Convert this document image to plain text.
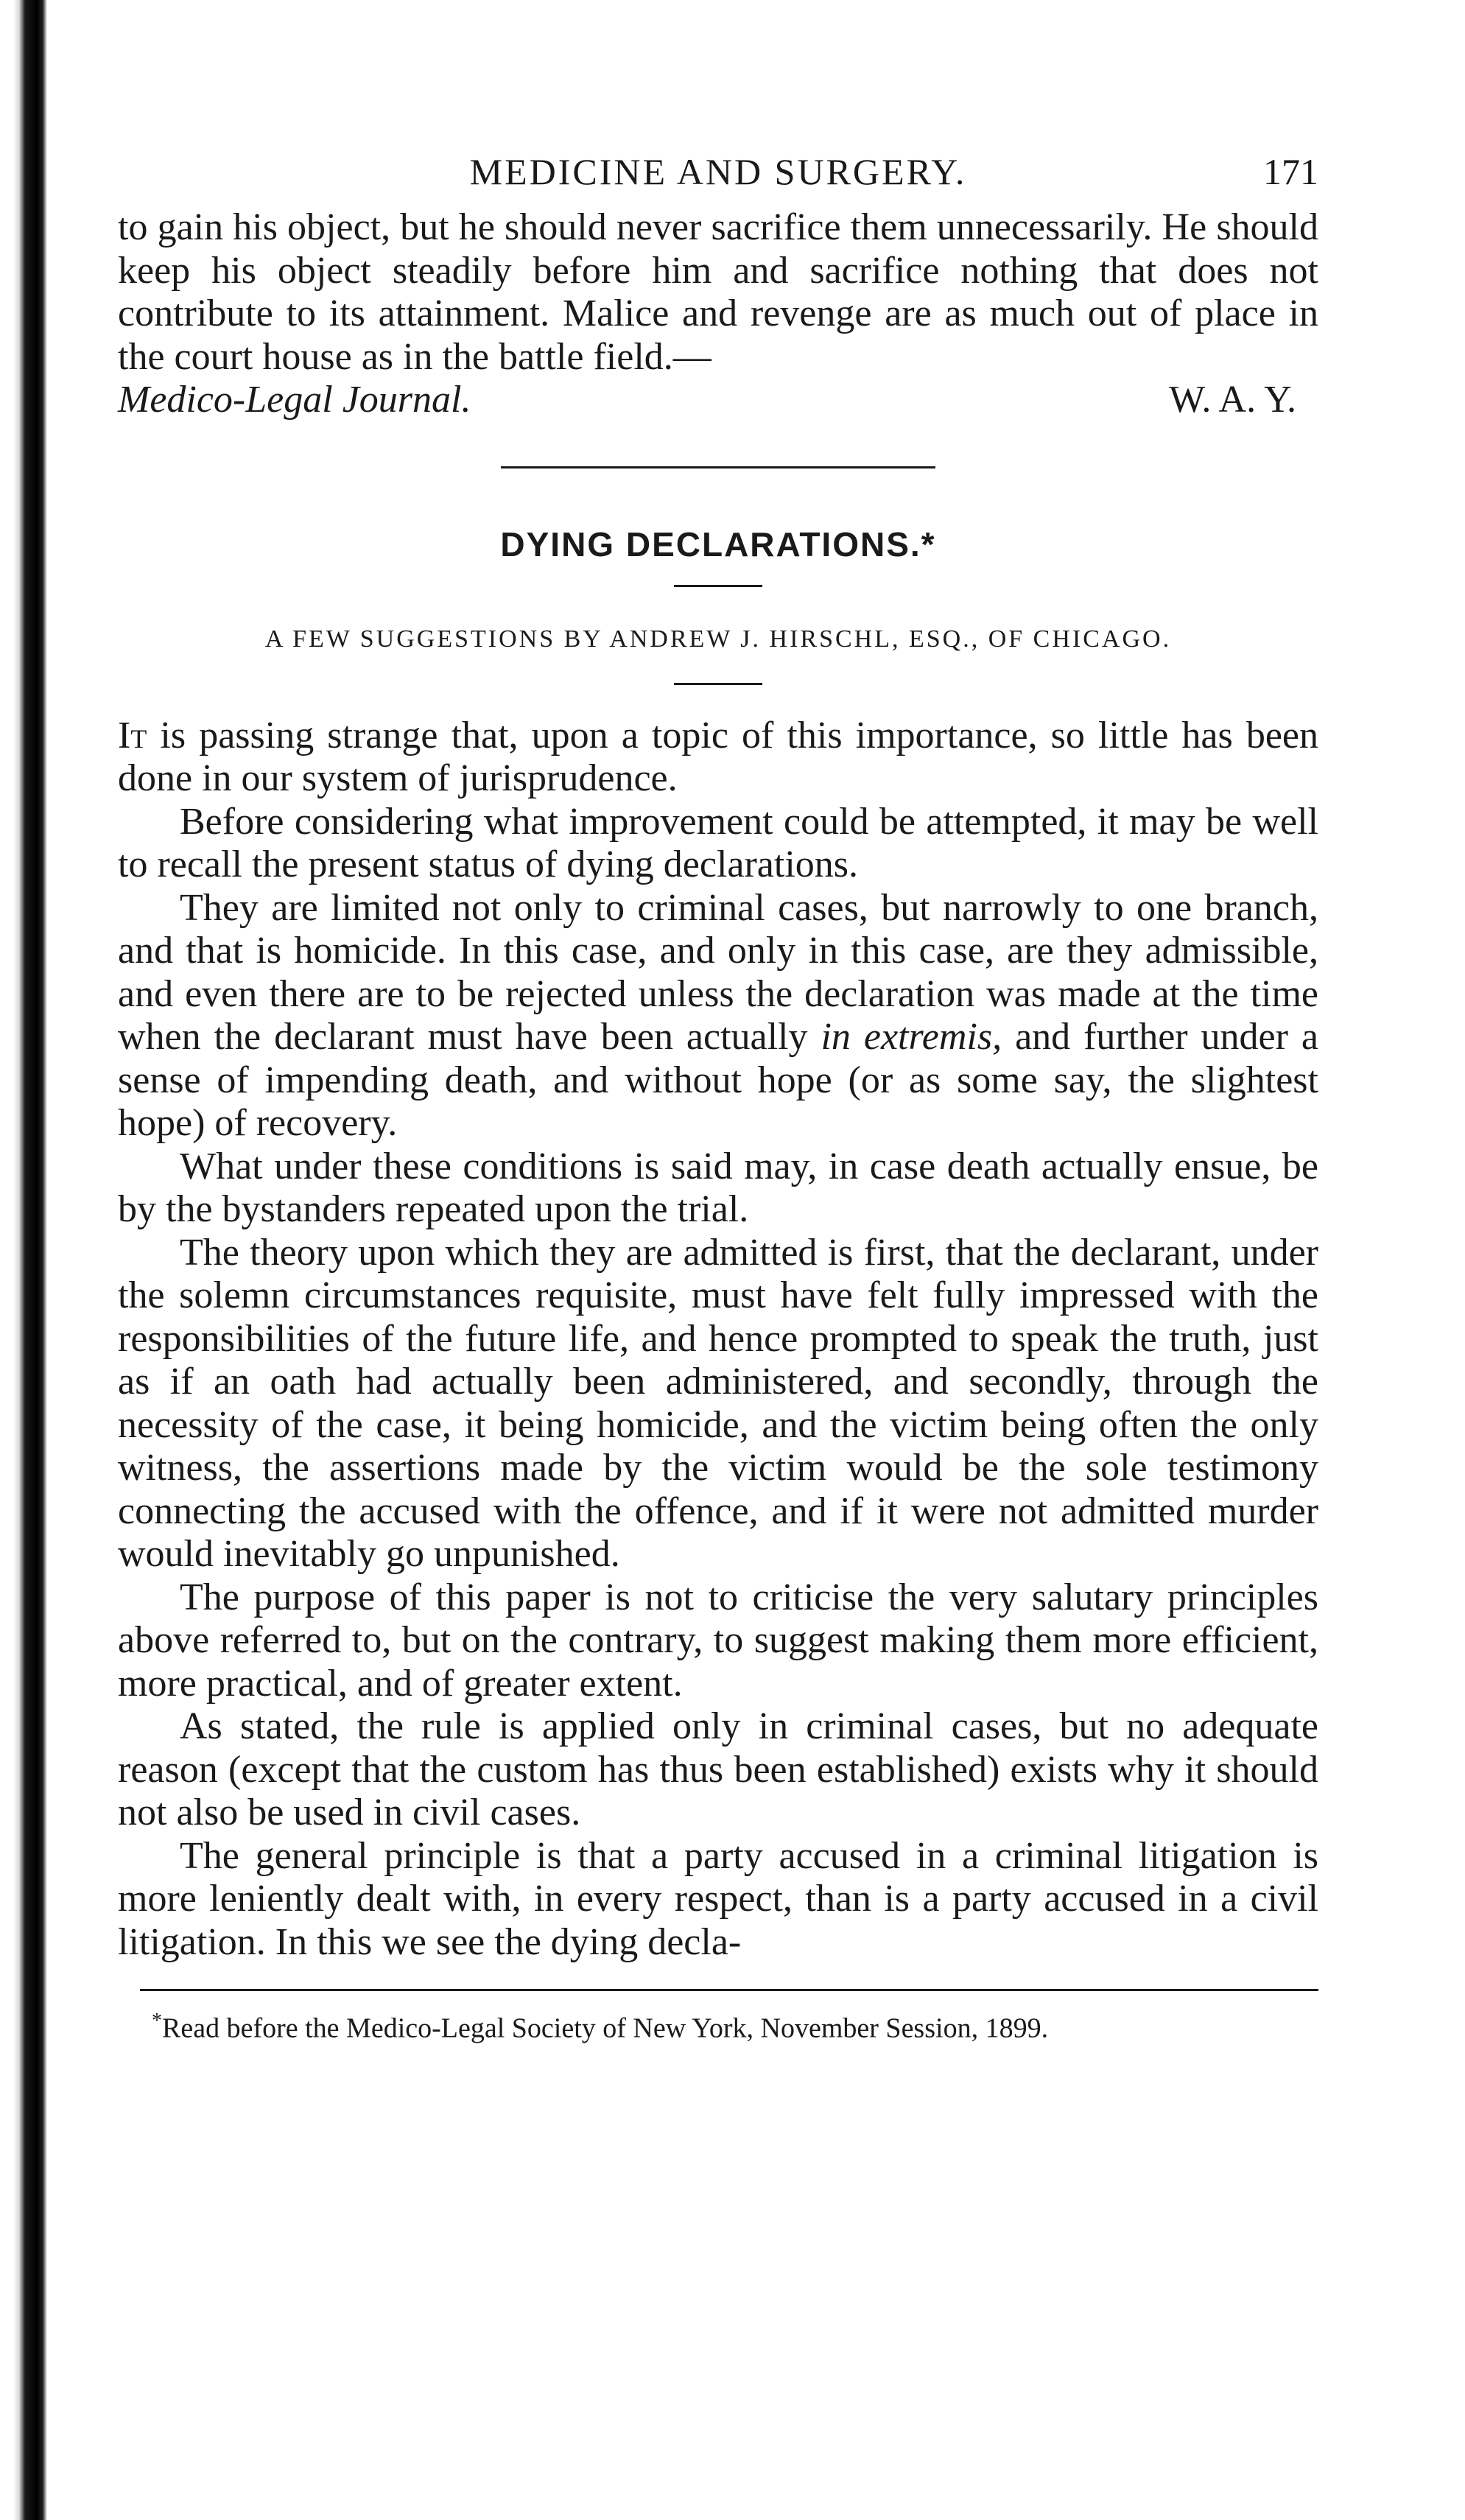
MEDICINE AND SURGERY.	171

to gain his object, but he should never sacrifice them unnecessarily. He should keep his object steadily before him and sacrifice nothing that does not contribute to its attainment. Malice and revenge are as much out of place in the court house as in the battle field.—

Medico-Legal Journal.	W. A. Y.
DYING DECLARATIONS.*

A FEW SUGGESTIONS BY ANDREW J. HIRSCHL, ESQ., OF CHICAGO.

It is passing strange that, upon a topic of this importance, so little has been done in our system of jurisprudence.

Before considering what improvement could be attempted, it may be well to recall the present status of dying declarations.

They are limited not only to criminal cases, but narrowly to one branch, and that is homicide. In this case, and only in this case, are they admissible, and even there are to be rejected unless the declaration was made at the time when the declarant must have been actually in extremis, and further under a sense of impending death, and without hope (or as some say, the slightest hope) of recovery.

What under these conditions is said may, in case death actually ensue, be by the bystanders repeated upon the trial.

The theory upon which they are admitted is first, that the declarant, under the solemn circumstances requisite, must have felt fully impressed with the responsibilities of the future life, and hence prompted to speak the truth, just as if an oath had actually been administered, and secondly, through the necessity of the case, it being homicide, and the victim being often the only witness, the assertions made by the victim would be the sole testimony connecting the accused with the offence, and if it were not admitted murder would inevitably go unpunished.

The purpose of this paper is not to criticise the very salutary principles above referred to, but on the contrary, to suggest making them more efficient, more practical, and of greater extent.

As stated, the rule is applied only in criminal cases, but no adequate reason (except that the custom has thus been established) exists why it should not also be used in civil cases.

The general principle is that a party accused in a criminal litigation is more leniently dealt with, in every respect, than is a party accused in a civil litigation. In this we see the dying decla-

*Read before the Medico-Legal Society of New York, November Session, 1899.
